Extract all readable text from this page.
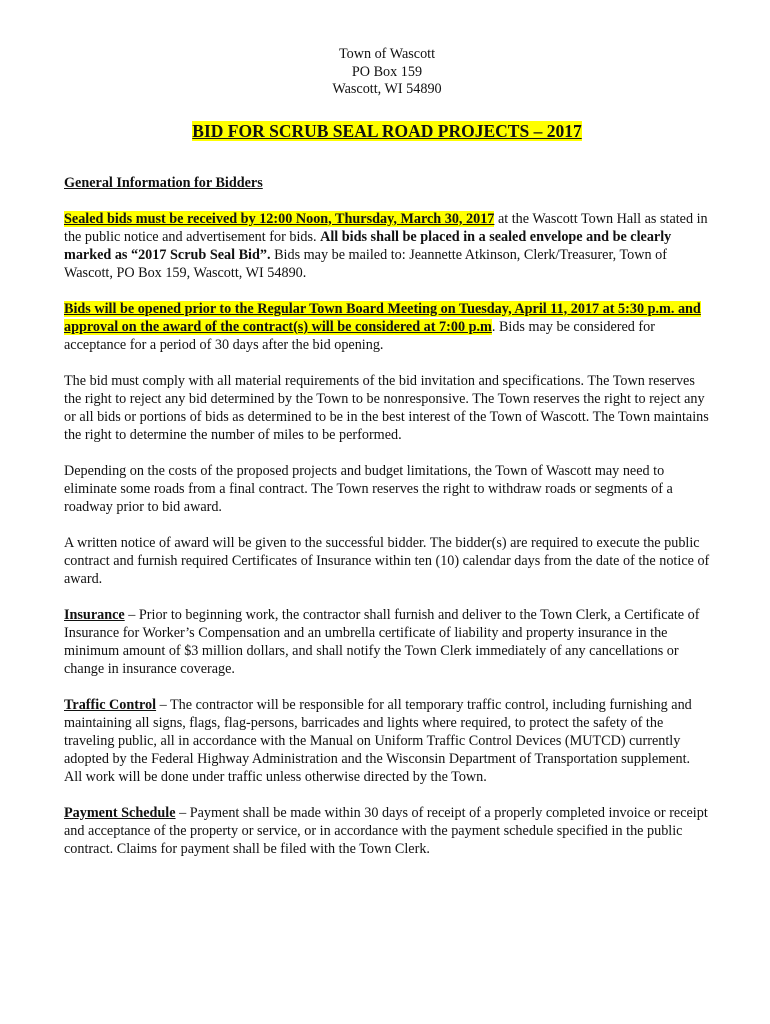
Town of Wascott
PO Box 159
Wascott, WI 54890
BID FOR SCRUB SEAL ROAD PROJECTS – 2017

General Information for Bidders

Sealed bids must be received by 12:00 Noon, Thursday, March 30, 2017 at the Wascott Town Hall as stated in the public notice and advertisement for bids. All bids shall be placed in a sealed envelope and be clearly marked as “2017 Scrub Seal Bid”. Bids may be mailed to: Jeannette Atkinson, Clerk/Treasurer, Town of Wascott, PO Box 159, Wascott, WI 54890.

Bids will be opened prior to the Regular Town Board Meeting on Tuesday, April 11, 2017 at 5:30 p.m. and approval on the award of the contract(s) will be considered at 7:00 p.m. Bids may be considered for acceptance for a period of 30 days after the bid opening.

The bid must comply with all material requirements of the bid invitation and specifications. The Town reserves the right to reject any bid determined by the Town to be nonresponsive. The Town reserves the right to reject any or all bids or portions of bids as determined to be in the best interest of the Town of Wascott. The Town maintains the right to determine the number of miles to be performed.

Depending on the costs of the proposed projects and budget limitations, the Town of Wascott may need to eliminate some roads from a final contract. The Town reserves the right to withdraw roads or segments of a roadway prior to bid award.

A written notice of award will be given to the successful bidder. The bidder(s) are required to execute the public contract and furnish required Certificates of Insurance within ten (10) calendar days from the date of the notice of award.

Insurance – Prior to beginning work, the contractor shall furnish and deliver to the Town Clerk, a Certificate of Insurance for Worker’s Compensation and an umbrella certificate of liability and property insurance in the minimum amount of $3 million dollars, and shall notify the Town Clerk immediately of any cancellations or change in insurance coverage.

Traffic Control – The contractor will be responsible for all temporary traffic control, including furnishing and maintaining all signs, flags, flag-persons, barricades and lights where required, to protect the safety of the traveling public, all in accordance with the Manual on Uniform Traffic Control Devices (MUTCD) currently adopted by the Federal Highway Administration and the Wisconsin Department of Transportation supplement. All work will be done under traffic unless otherwise directed by the Town.

Payment Schedule – Payment shall be made within 30 days of receipt of a properly completed invoice or receipt and acceptance of the property or service, or in accordance with the payment schedule specified in the public contract. Claims for payment shall be filed with the Town Clerk.
